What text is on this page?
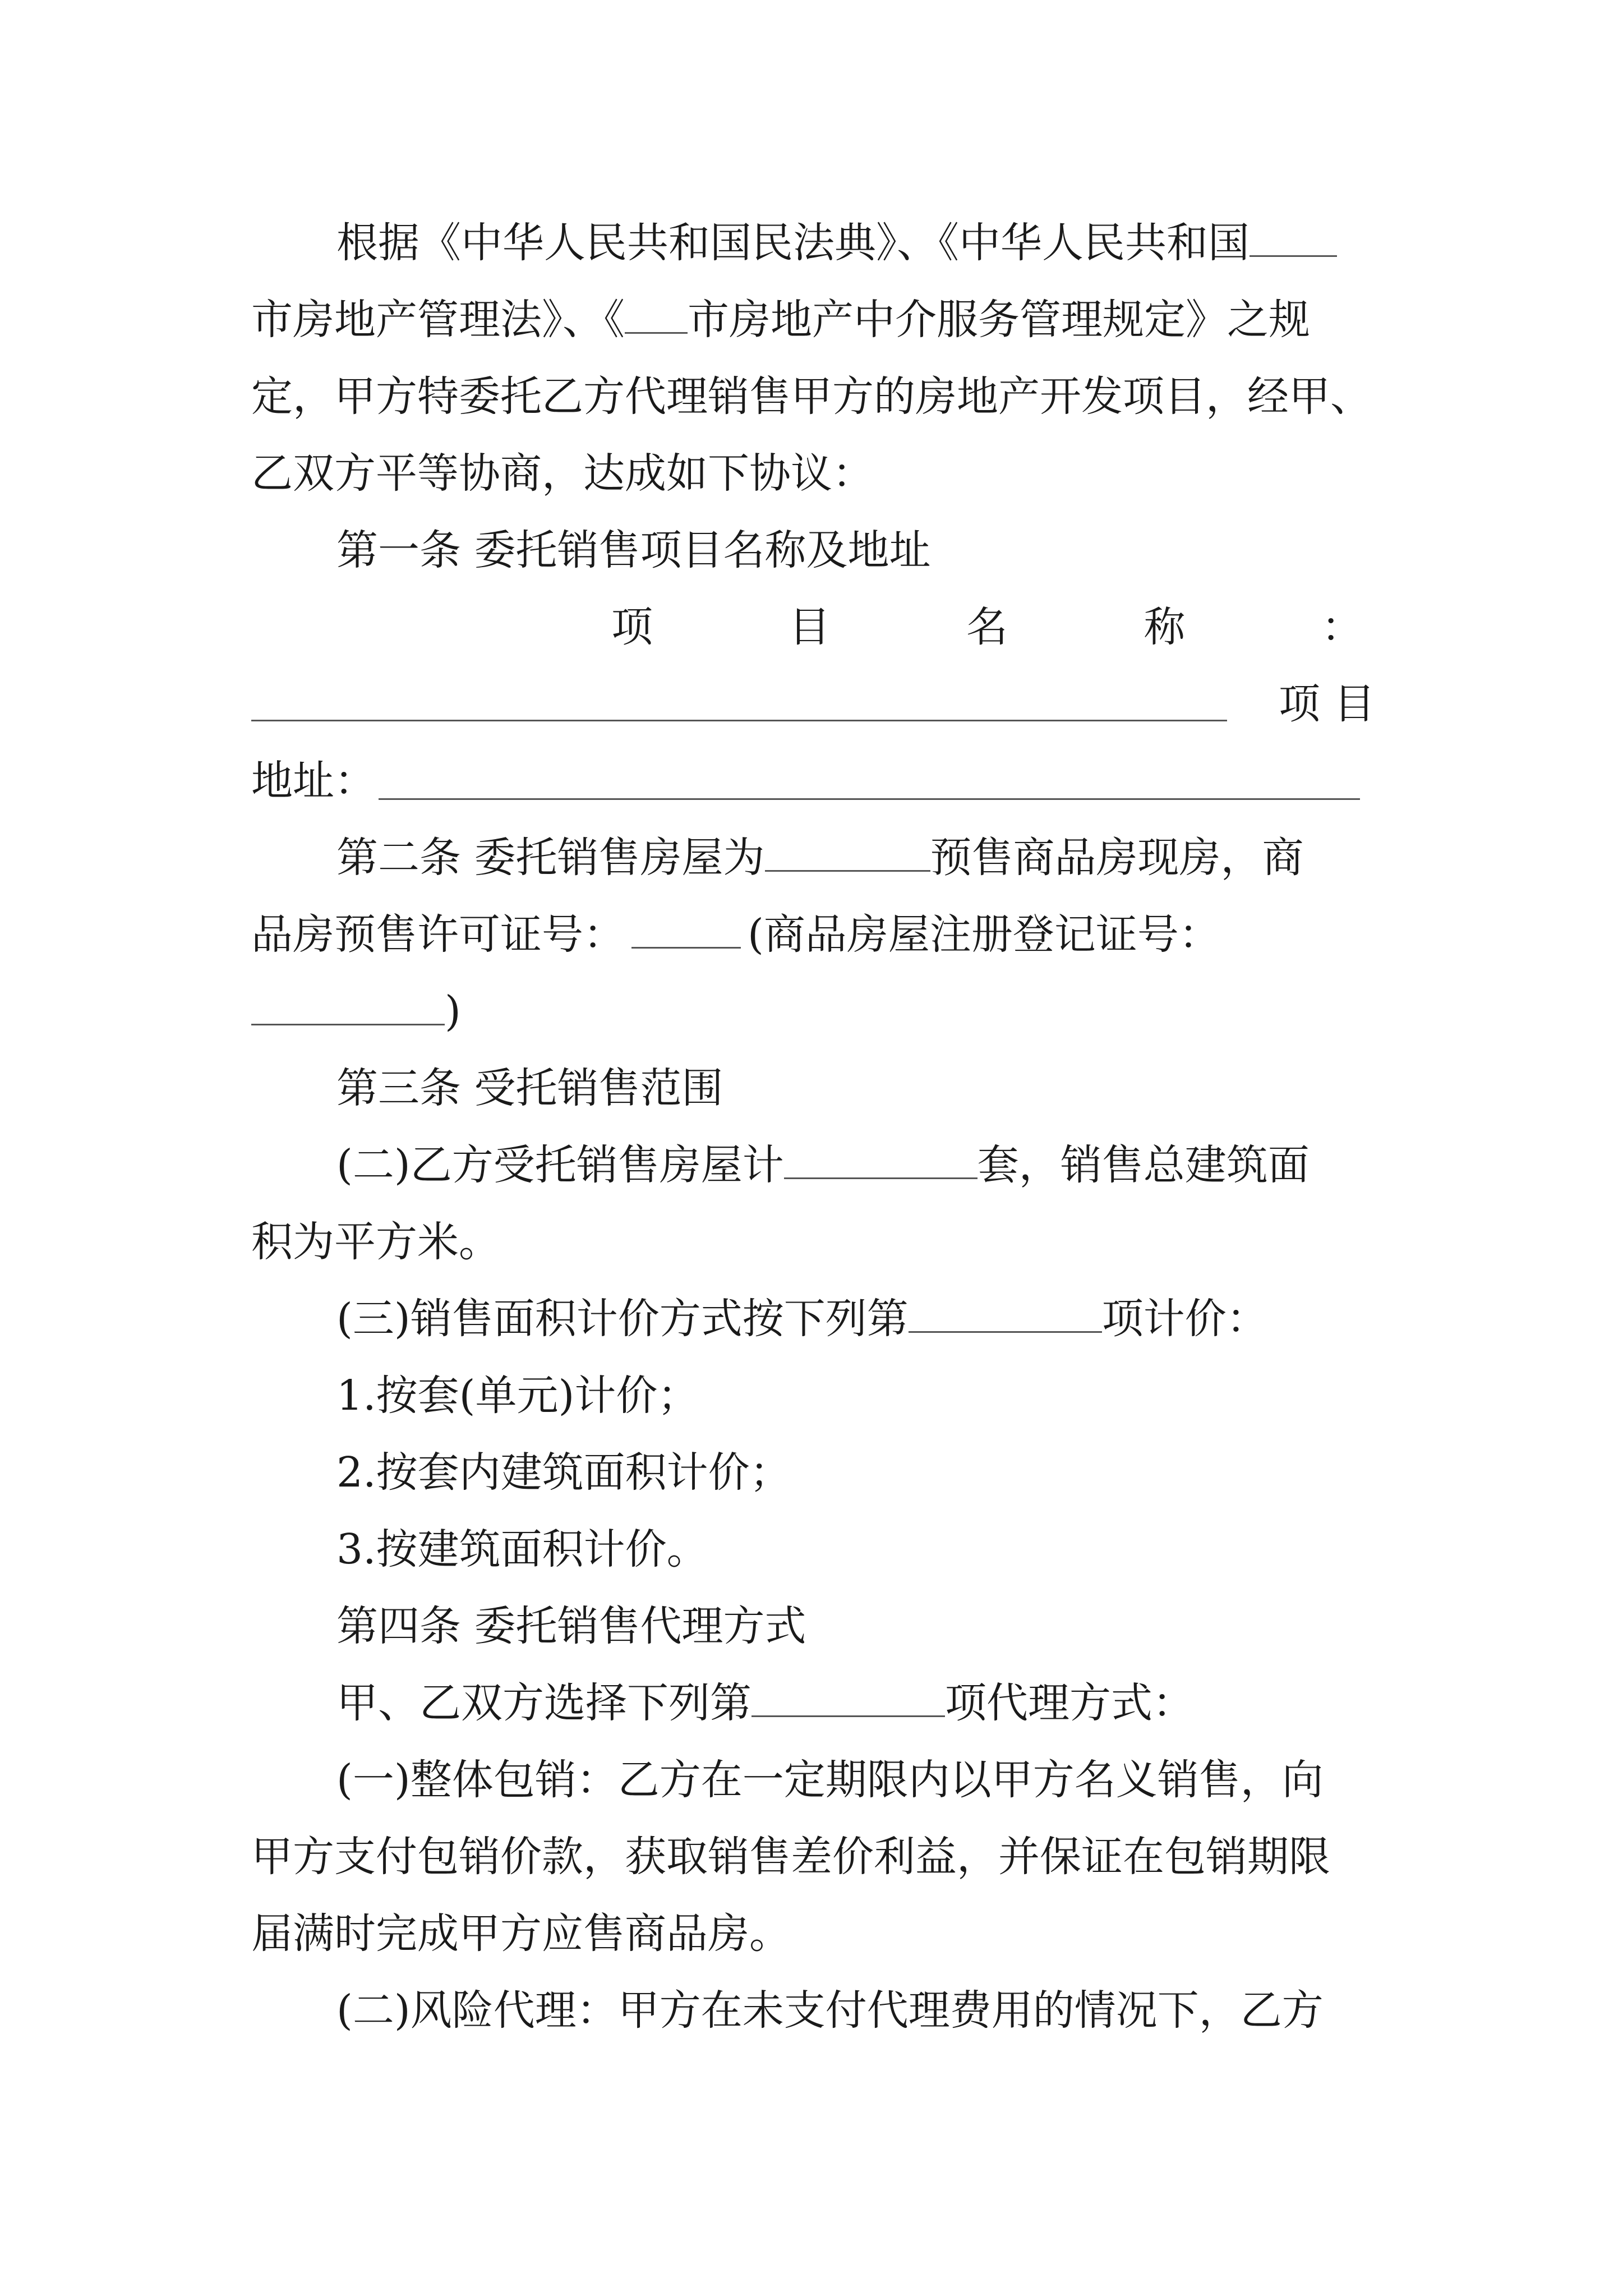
根据《中华人民共和国民法典》、《中华人民共和国
市房地产管理法》、《 市房地产中介服务管理规定》之规
定，甲方特委托乙方代理销售甲方的房地产开发项目，经甲、
乙双方平等协商，达成如下协议：
第一条 委托销售项目名称及地址
项	目	名	称	：
项目
地址：
第二条 委托销售房屋为	预售商品房现房，商
品房预售许可证号：	(商品房屋注册登记证号：
)
第三条 受托销售范围
(二)乙方受托销售房屋计	套，销售总建筑面
积为平方米。
(三)销售面积计价方式按下列第	项计价：
1.按套(单元)计价；
2.按套内建筑面积计价；
3.按建筑面积计价。
第四条 委托销售代理方式
甲、乙双方选择下列第	项代理方式：
(一)整体包销：乙方在一定期限内以甲方名义销售，向
甲方支付包销价款，获取销售差价利益，并保证在包销期限
届满时完成甲方应售商品房。
(二)风险代理：甲方在未支付代理费用的情况下，乙方
